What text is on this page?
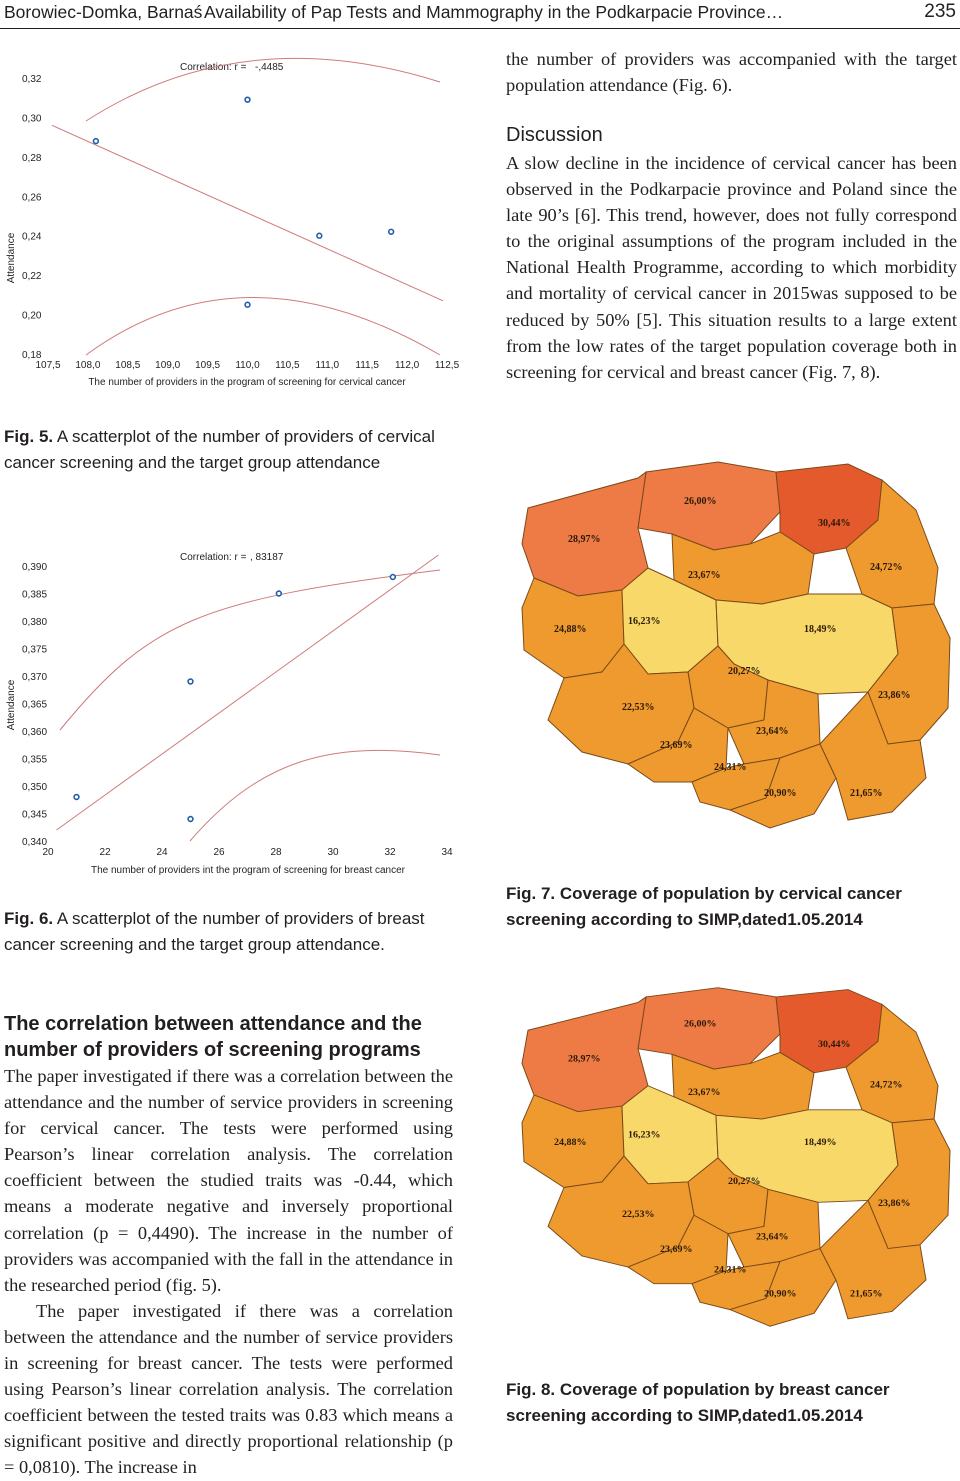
Borowiec-Domka, Barnaś Availability of Pap Tests and Mammography in the Podkarpacie Province…	235
Correlation: r = -,4485
Attendance
The number of providers in the program of screening for cervical cancer
0,18
0,20
0,22
0,24
0,26
0,28
0,30
0,32
107,5 108,0 108,5 109,0 109,5 110,0 110,5 111,0 111,5 112,0 112,5
Fig. 5. A scatterplot of the number of providers of cervical cancer screening and the target group attendance
Correlation: r = , 83187
Attendance
The number of providers int the program of screening for breast cancer
0,340
0,345
0,350
0,355
0,360
0,365
0,370
0,375
0,380
0,385
0,390
20	22	24	26	28	30	32	34
Fig. 6. A scatterplot of the number of providers of breast cancer screening and the target group attendance.
The correlation between attendance and the number of providers of screening programs

The paper investigated if there was a correlation between the attendance and the number of service providers in screening for cervical cancer. The tests were performed using Pearson’s linear correlation analysis. The correlation coefficient between the studied traits was -0.44, which means a moderate negative and inversely proportional correlation (p = 0,4490). The increase in the number of providers was accompanied with the fall in the attendance in the researched period (fig. 5).

The paper investigated if there was a correlation between the attendance and the number of service providers in screening for breast cancer. The tests were performed using Pearson’s linear correlation analysis. The correlation coefficient between the tested traits was 0.83 which means a significant positive and directly proportional relationship (p = 0,0810). The increase in

the number of providers was accompanied with the target population attendance (Fig. 6).
Discussion
A slow decline in the incidence of cervical cancer has been observed in the Podkarpacie province and Poland since the late 90’s [6]. This trend, however, does not fully correspond to the original assumptions of the program included in the National Health Programme, according to which morbidity and mortality of cervical cancer in 2015was supposed to be reduced by 50% [5]. This situation results to a large extent from the low rates of the target population coverage both in screening for cervical and breast cancer (Fig. 7, 8).
26,00%
28,97%
30,44%
23,67%
24,72%
24,88%
16,23%
18,49%
20,27%
22,53%
23,86%
23,69%
23,64%
24,31%
20,90%	21,65%
Fig. 7. Coverage of population by cervical cancer screening according to SIMP,dated1.05.2014
26,00%
28,97%
30,44%
23,67%
24,72%
24,88%
16,23%
18,49%
20,27%
22,53%
23,86%
23,69%
23,64%
24,31%
20,90%	21,65%
Fig. 8. Coverage of population by breast cancer screening according to SIMP,dated1.05.2014
